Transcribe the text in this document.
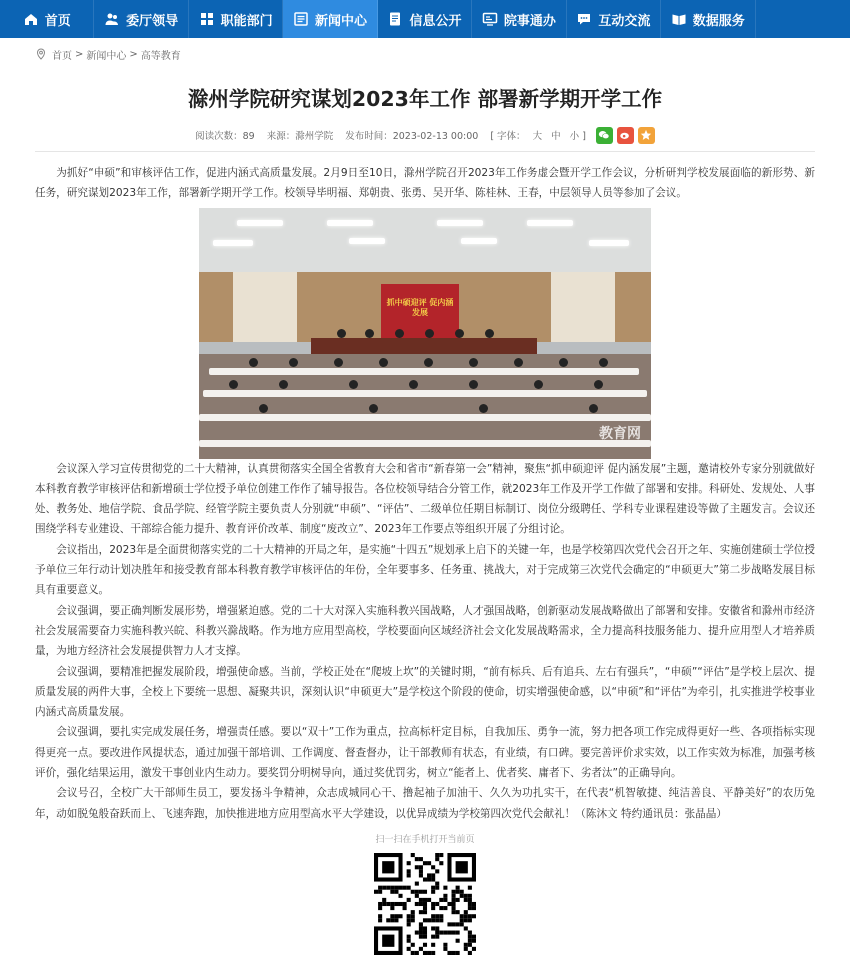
首页	委厅领导	职能部门	新闻中心	信息公开	院事通办	互动交流	数据服务
首页 > 新闻中心 > 高等教育
滁州学院研究谋划2023年工作 部署新学期开学工作
阅读次数：89 来源：滁州学院 发布时间：2023-02-13 00:00 [ 字体： 大 中 小 ]

为抓好“申硕”和审核评估工作，促进内涵式高质量发展。2月9日至10日，滁州学院召开2023年工作务虚会暨开学工作会议，分析研判学校发展面临的新形势、新任务，研究谋划2023年工作，部署新学期开学工作。校领导毕明福、郑朝贵、张勇、吴开华、陈桂林、王春，中层领导人员等参加了会议。

抓中硕迎评 促内涵发展
教育网

会议深入学习宣传贯彻党的二十大精神，认真贯彻落实全国全省教育大会和省市“新春第一会”精神，聚焦“抓申硕迎评 促内涵发展”主题，邀请校外专家分别就做好本科教育教学审核评估和新增硕士学位授予单位创建工作作了辅导报告。各位校领导结合分管工作，就2023年工作及开学工作做了部署和安排。科研处、发规处、人事处、教务处、地信学院、食品学院、经管学院主要负责人分别就“申硕”、“评估”、二级单位任期目标制订、岗位分级聘任、学科专业课程建设等做了主题发言。会议还围绕学科专业建设、干部综合能力提升、教育评价改革、制度“废改立”、2023年工作要点等组织开展了分组讨论。

会议指出，2023年是全面贯彻落实党的二十大精神的开局之年，是实施“十四五”规划承上启下的关键一年，也是学校第四次党代会召开之年、实施创建硕士学位授予单位三年行动计划决胜年和接受教育部本科教育教学审核评估的年份，全年要事多、任务重、挑战大，对于完成第三次党代会确定的“申硕更大”第二步战略发展目标具有重要意义。

会议强调，要正确判断发展形势，增强紧迫感。党的二十大对深入实施科教兴国战略，人才强国战略，创新驱动发展战略做出了部署和安排。安徽省和滁州市经济社会发展需要奋力实施科教兴皖、科教兴滁战略。作为地方应用型高校，学校要面向区域经济社会文化发展战略需求，全力提高科技服务能力、提升应用型人才培养质量，为地方经济社会发展提供智力人才支撑。

会议强调，要精准把握发展阶段，增强使命感。当前，学校正处在“爬坡上坎”的关键时期，“前有标兵、后有追兵、左右有强兵”，“申硕”“评估”是学校上层次、提质量发展的两件大事，全校上下要统一思想、凝聚共识，深刻认识“申硕更大”是学校这个阶段的使命，切实增强使命感，以“申硕”和“评估”为牵引，扎实推进学校事业内涵式高质量发展。

会议强调，要扎实完成发展任务，增强责任感。要以“双十”工作为重点，拉高标杆定目标，自我加压、勇争一流，努力把各项工作完成得更好一些、各项指标实现得更亮一点。要改进作风提状态，通过加强干部培训、工作调度、督查督办，让干部教师有状态，有业绩，有口碑。要完善评价求实效，以工作实效为标准，加强考核评价，强化结果运用，激发干事创业内生动力。要奖罚分明树导向，通过奖优罚劣，树立“能者上、优者奖、庸者下、劣者汰”的正确导向。

会议号召，全校广大干部师生员工，要发扬斗争精神，众志成城同心干、撸起袖子加油干、久久为功扎实干，在代表“机智敏捷、纯洁善良、平静美好”的农历兔年，动如脱兔般奋跃而上、飞速奔跑，加快推进地方应用型高水平大学建设，以优异成绩为学校第四次党代会献礼！（陈沐文 特约通讯员：张晶晶）

扫一扫在手机打开当前页
